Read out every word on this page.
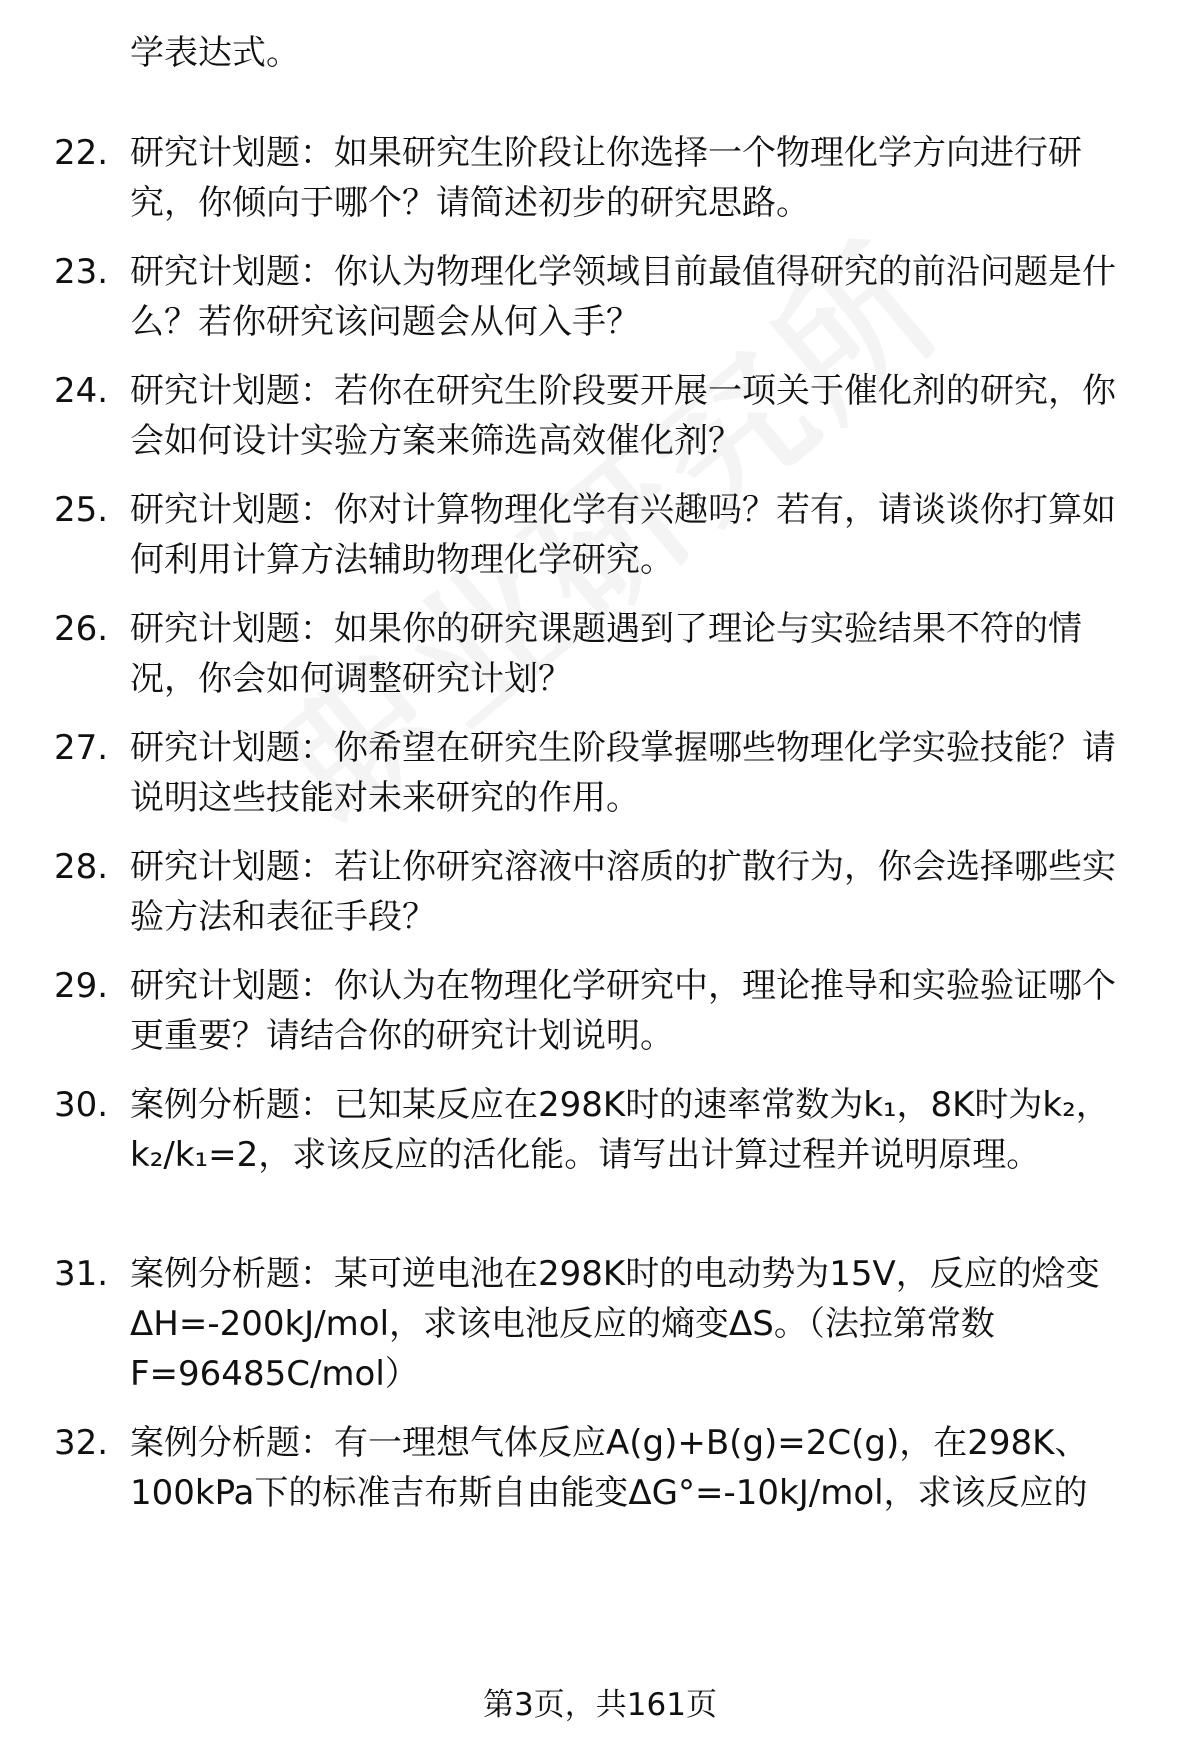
学表达式。

22. 研究计划题：如果研究生阶段让你选择一个物理化学方向进行研究，你倾向于哪个？请简述初步的研究思路。
23. 研究计划题：你认为物理化学领域目前最值得研究的前沿问题是什么？若你研究该问题会从何入手？
24. 研究计划题：若你在研究生阶段要开展一项关于催化剂的研究，你会如何设计实验方案来筛选高效催化剂？
25. 研究计划题：你对计算物理化学有兴趣吗？若有，请谈谈你打算如何利用计算方法辅助物理化学研究。
26. 研究计划题：如果你的研究课题遇到了理论与实验结果不符的情况，你会如何调整研究计划？
27. 研究计划题：你希望在研究生阶段掌握哪些物理化学实验技能？请说明这些技能对未来研究的作用。
28. 研究计划题：若让你研究溶液中溶质的扩散行为，你会选择哪些实验方法和表征手段？
29. 研究计划题：你认为在物理化学研究中，理论推导和实验验证哪个更重要？请结合你的研究计划说明。
30. 案例分析题：已知某反应在298K时的速率常数为k₁，8K时为k₂，k₂/k₁=2，求该反应的活化能。请写出计算过程并说明原理。
31. 案例分析题：某可逆电池在298K时的电动势为15V，反应的焓变ΔH=-200kJ/mol，求该电池反应的熵变ΔS。（法拉第常数F=96485C/mol）
32. 案例分析题：有一理想气体反应A(g)+B(g)=2C(g)，在298K、100kPa下的标准吉布斯自由能变ΔG°=-10kJ/mol，求该反应的
第3页，共161页
